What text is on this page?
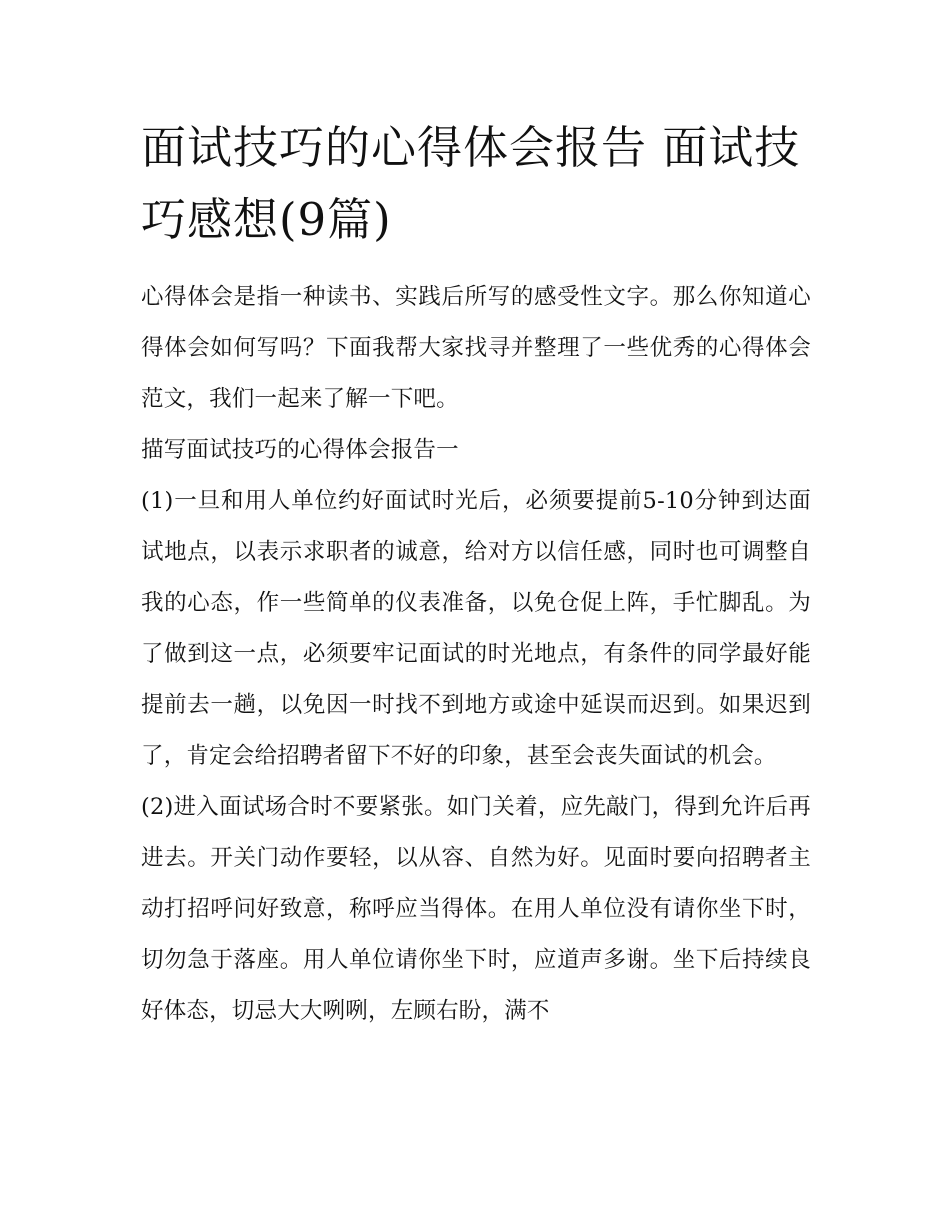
面试技巧的心得体会报告 面试技巧感想(9篇)

心得体会是指一种读书、实践后所写的感受性文字。那么你知道心得体会如何写吗？下面我帮大家找寻并整理了一些优秀的心得体会范文，我们一起来了解一下吧。

描写面试技巧的心得体会报告一

(1)一旦和用人单位约好面试时光后，必须要提前5-10分钟到达面试地点，以表示求职者的诚意，给对方以信任感，同时也可调整自我的心态，作一些简单的仪表准备，以免仓促上阵，手忙脚乱。为了做到这一点，必须要牢记面试的时光地点，有条件的同学最好能提前去一趟，以免因一时找不到地方或途中延误而迟到。如果迟到了，肯定会给招聘者留下不好的印象，甚至会丧失面试的机会。

(2)进入面试场合时不要紧张。如门关着，应先敲门，得到允许后再进去。开关门动作要轻，以从容、自然为好。见面时要向招聘者主动打招呼问好致意，称呼应当得体。在用人单位没有请你坐下时，切勿急于落座。用人单位请你坐下时，应道声多谢。坐下后持续良好体态，切忌大大咧咧，左顾右盼，满不
